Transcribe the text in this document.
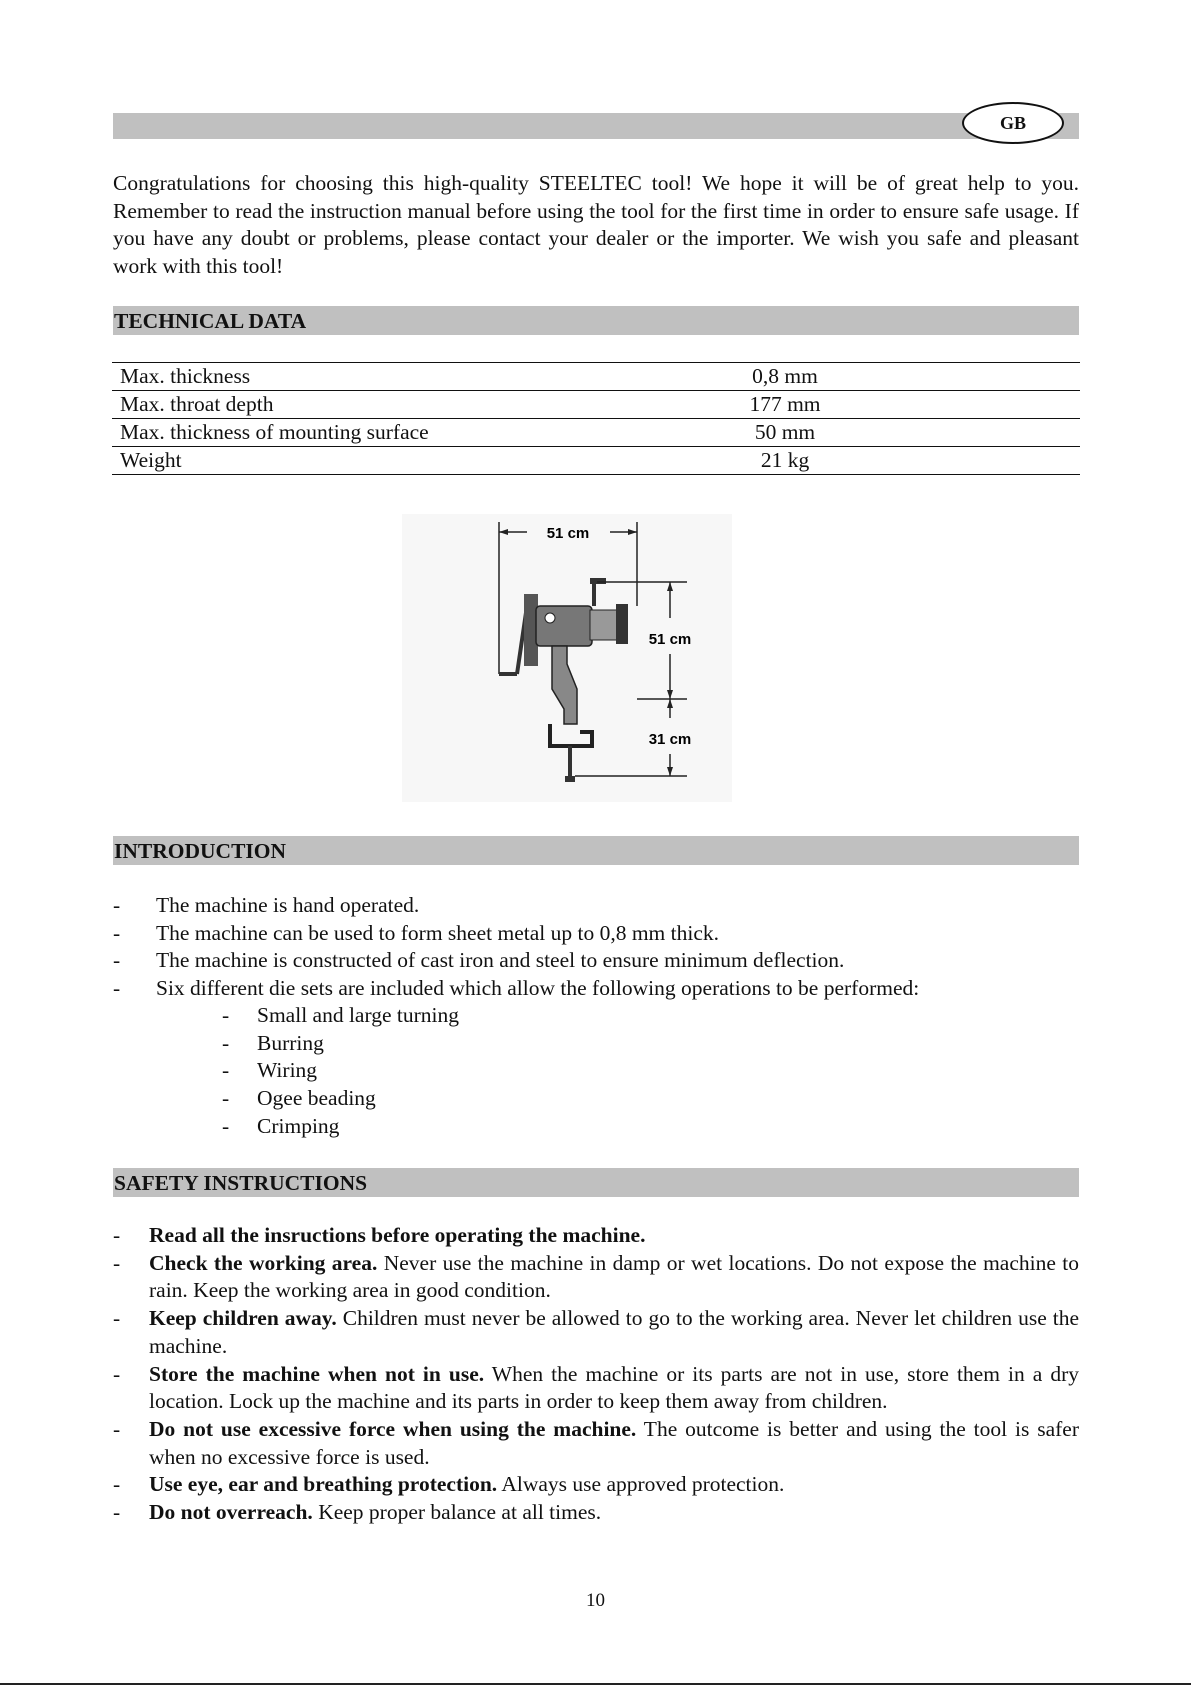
GB

Congratulations for choosing this high-quality STEELTEC tool! We hope it will be of great help to you. Remember to read the instruction manual before using the tool for the first time in order to ensure safe usage. If you have any doubt or problems, please contact your dealer or the importer. We wish you safe and pleasant work with this tool!

TECHNICAL DATA
Max. thickness	0,8 mm
Max. throat depth	177 mm
Max. thickness of mounting surface	50 mm
Weight	21 kg
51 cm
51 cm
31 cm
INTRODUCTION
- The machine is hand operated.
- The machine can be used to form sheet metal up to 0,8 mm thick.
- The machine is constructed of cast iron and steel to ensure minimum deflection.
- Six different die sets are included which allow the following operations to be performed:
- Small and large turning
- Burring
- Wiring
- Ogee beading
- Crimping
SAFETY INSTRUCTIONS
- Read all the insructions before operating the machine.
- Check the working area. Never use the machine in damp or wet locations. Do not expose the machine to rain. Keep the working area in good condition.
- Keep children away. Children must never be allowed to go to the working area. Never let children use the machine.
- Store the machine when not in use. When the machine or its parts are not in use, store them in a dry location. Lock up the machine and its parts in order to keep them away from children.
- Do not use excessive force when using the machine. The outcome is better and using the tool is safer when no excessive force is used.
- Use eye, ear and breathing protection. Always use approved protection.
- Do not overreach. Keep proper balance at all times.
10
